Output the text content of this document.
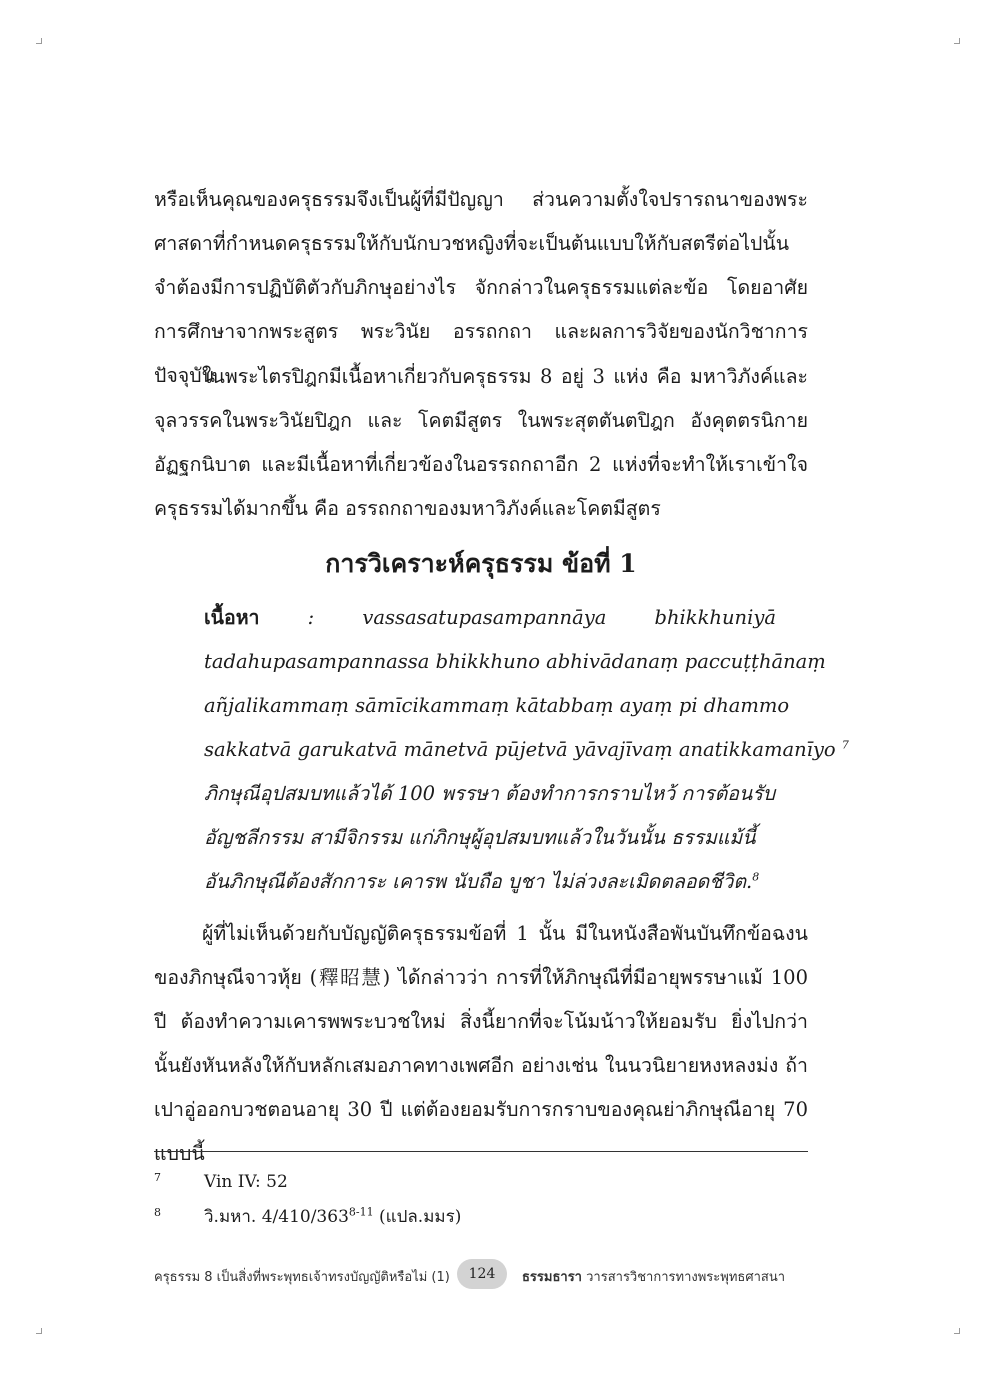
หรือเห็นคุณของครุธรรมจึงเป็นผู้ที่มีปัญญา ส่วนความตั้งใจปรารถนาของพระศาสดาที่กำหนดครุธรรมให้กับนักบวชหญิงที่จะเป็นต้นแบบให้กับสตรีต่อไปนั้น จำต้องมีการปฏิบัติตัวกับภิกษุอย่างไร จักกล่าวในครุธรรมแต่ละข้อ โดยอาศัยการศึกษาจากพระสูตร พระวินัย อรรถกถา และผลการวิจัยของนักวิชาการปัจจุบัน

ในพระไตรปิฎกมีเนื้อหาเกี่ยวกับครุธรรม 8 อยู่ 3 แห่ง คือ มหาวิภังค์และจุลวรรคในพระวินัยปิฎก และ โคตมีสูตร ในพระสุตตันตปิฎก อังคุตตรนิกาย อัฏฐกนิบาต และมีเนื้อหาที่เกี่ยวข้องในอรรถกถาอีก 2 แห่งที่จะทำให้เราเข้าใจครุธรรมได้มากขึ้น คือ อรรถกถาของมหาวิภังค์และโคตมีสูตร

การวิเคราะห์ครุธรรม ข้อที่ 1
เนื้อหา : vassasatupasampannāya bhikkhuniyā
tadahupasampannassa bhikkhuno abhivādanaṃ paccuṭṭhānaṃ
añjalikammaṃ sāmīcikammaṃ kātabbaṃ ayaṃ pi dhammo
sakkatvā garukatvā mānetvā pūjetvā yāvajīvaṃ anatikkamanīyo $^7$
ภิกษุณีอุปสมบทแล้วได้ 100 พรรษา ต้องทำการกราบไหว้ การต้อนรับ
อัญชลีกรรม สามีจิกรรม แก่ภิกษุผู้อุปสมบทแล้วในวันนั้น ธรรมแม้นี้
อันภิกษุณีต้องสักการะ เคารพ นับถือ บูชา ไม่ล่วงละเมิดตลอดชีวิต.$^8$

ผู้ที่ไม่เห็นด้วยกับบัญญัติครุธรรมข้อที่ 1 นั้น มีในหนังสือพันบันทึกข้อฉงนของภิกษุณีจาวหุ้ย (釋昭慧) ได้กล่าวว่า การที่ให้ภิกษุณีที่มีอายุพรรษาแม้ 100 ปี ต้องทำความเคารพพระบวชใหม่ สิ่งนี้ยากที่จะโน้มน้าวให้ยอมรับ ยิ่งไปกว่านั้นยังหันหลังให้กับหลักเสมอภาคทางเพศอีก อย่างเช่น ในนวนิยายหงหลงม่ง ถ้าเปาอู่ออกบวชตอนอายุ 30 ปี แต่ต้องยอมรับการกราบของคุณย่าภิกษุณีอายุ 70 แบบนี้

7	Vin IV: 52
8	วิ.มหา. 4/410/363$^{8-11}$ (แปล.มมร)
ครุธรรม 8 เป็นสิ่งที่พระพุทธเจ้าทรงบัญญัติหรือไม่ (1)	124	ธรรมธารา วารสารวิชาการทางพระพุทธศาสนา
